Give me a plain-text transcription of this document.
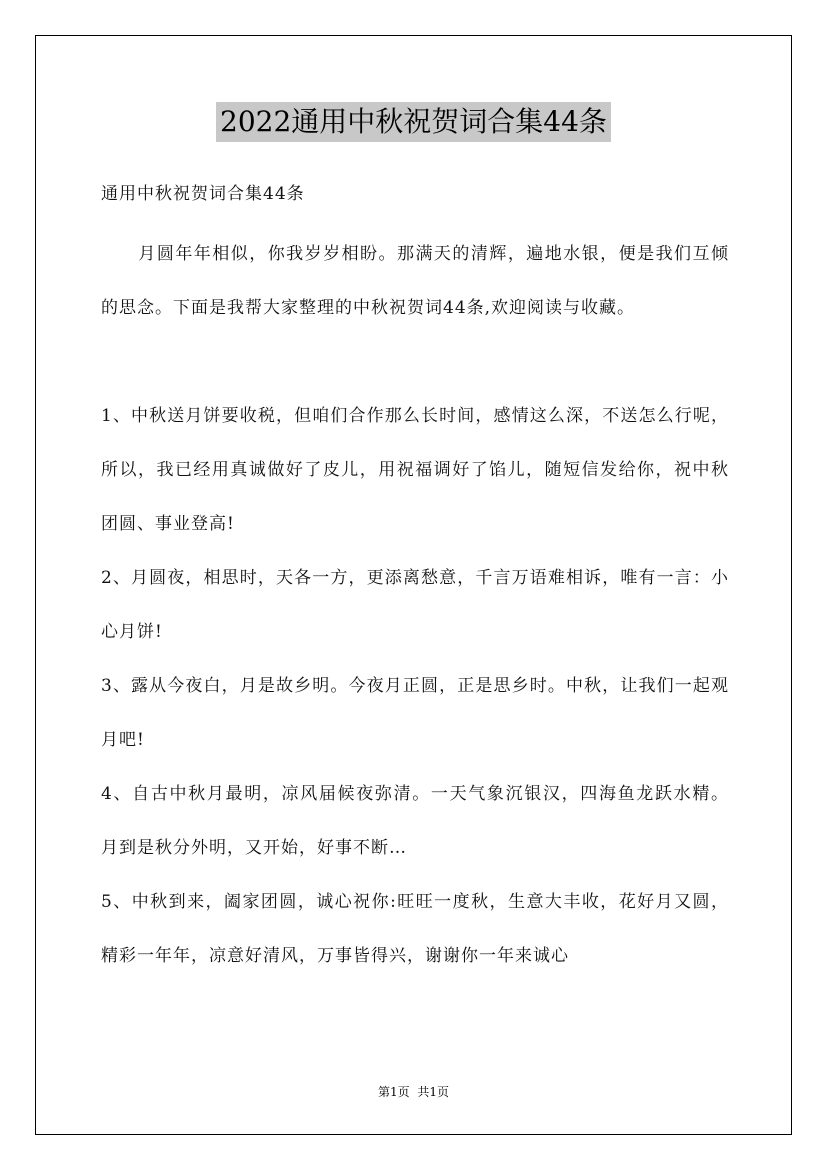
2022通用中秋祝贺词合集44条

通用中秋祝贺词合集44条

月圆年年相似，你我岁岁相盼。那满天的清辉，遍地水银，便是我们互倾的思念。下面是我帮大家整理的中秋祝贺词44条,欢迎阅读与收藏。

1、中秋送月饼要收税，但咱们合作那么长时间，感情这么深，不送怎么行呢，所以，我已经用真诚做好了皮儿，用祝福调好了馅儿，随短信发给你，祝中秋团圆、事业登高!

2、月圆夜，相思时，天各一方，更添离愁意，千言万语难相诉，唯有一言：小心月饼!

3、露从今夜白，月是故乡明。今夜月正圆，正是思乡时。中秋，让我们一起观月吧!

4、自古中秋月最明，凉风届候夜弥清。一天气象沉银汉，四海鱼龙跃水精。 月到是秋分外明，又开始，好事不断…

5、中秋到来，阖家团圆，诚心祝你:旺旺一度秋，生意大丰收，花好月又圆，精彩一年年，凉意好清风，万事皆得兴，谢谢你一年来诚心

第1页 共1页
